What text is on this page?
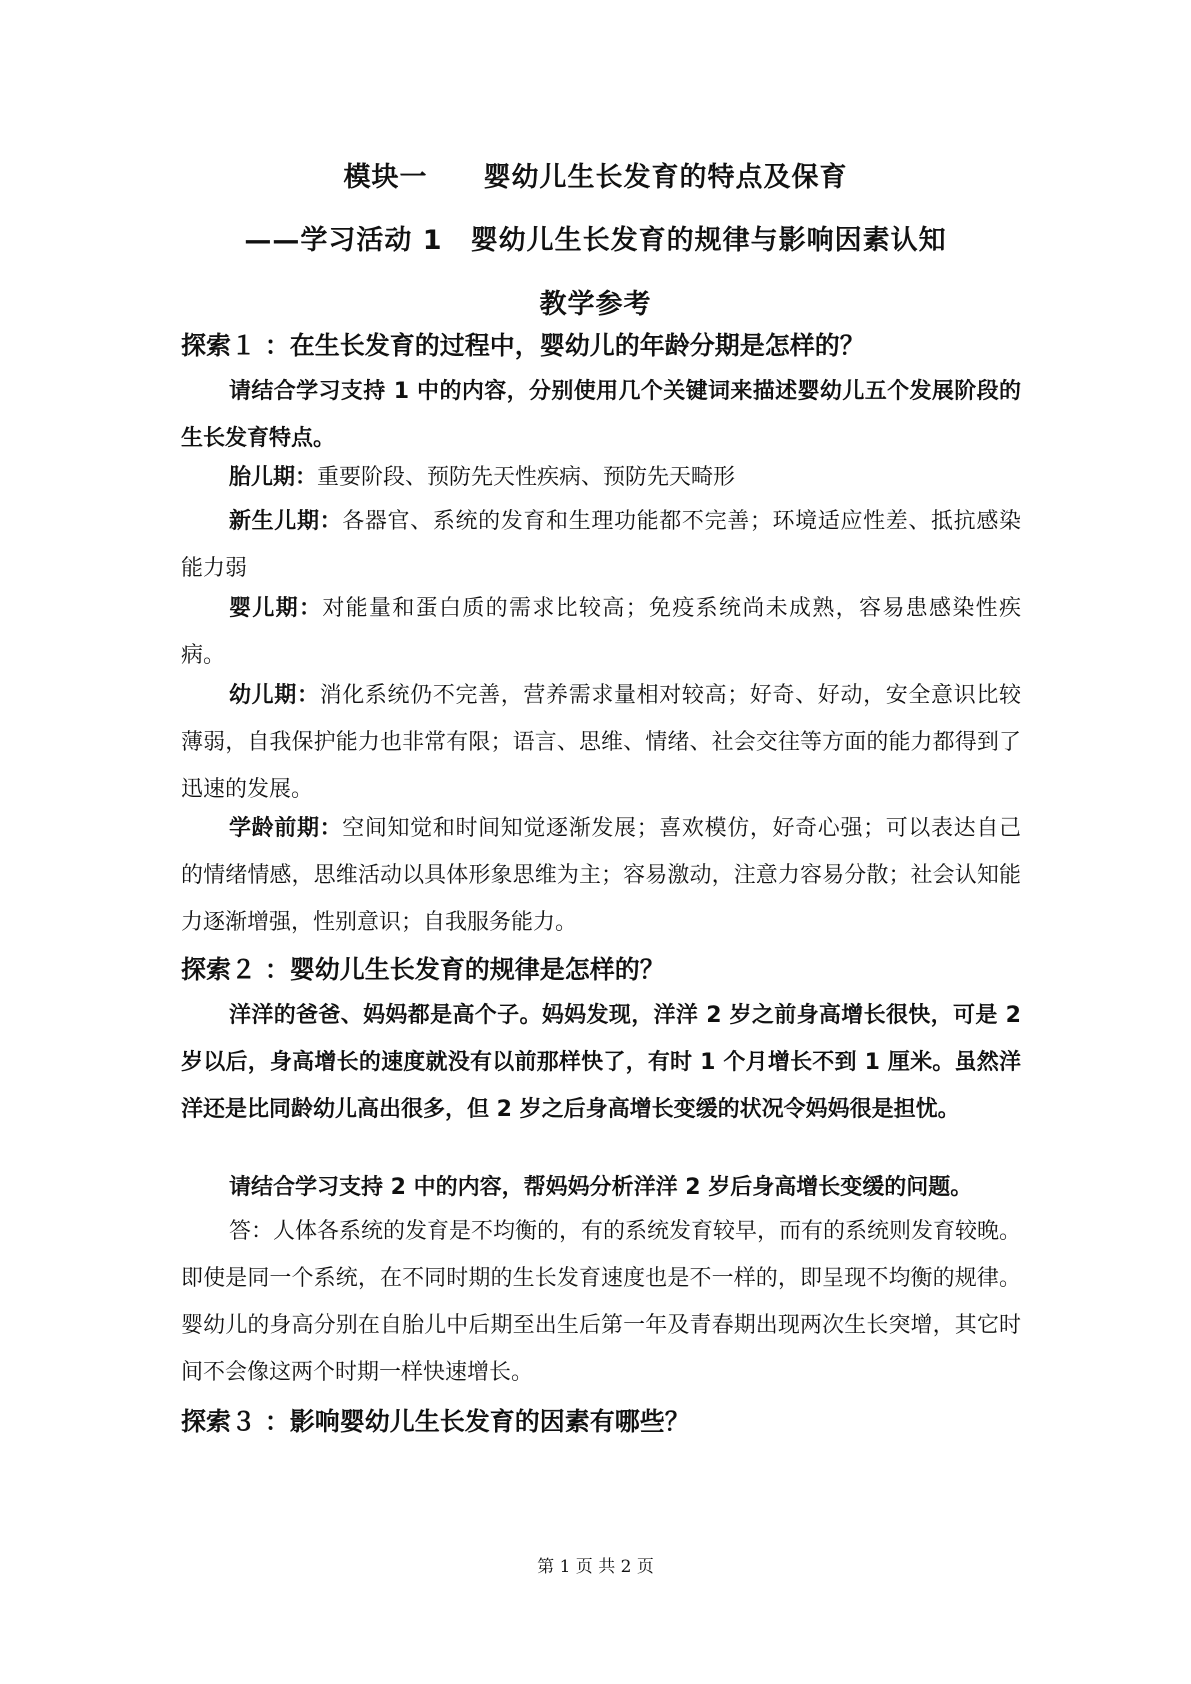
模块一　　婴幼儿生长发育的特点及保育
——学习活动 1　婴幼儿生长发育的规律与影响因素认知
教学参考
探索１ ：在生长发育的过程中，婴幼儿的年龄分期是怎样的？
请结合学习支持 1 中的内容，分别使用几个关键词来描述婴幼儿五个发展阶段的生长发育特点。
胎儿期：重要阶段、预防先天性疾病、预防先天畸形
新生儿期：各器官、系统的发育和生理功能都不完善；环境适应性差、抵抗感染能力弱
婴儿期：对能量和蛋白质的需求比较高；免疫系统尚未成熟，容易患感染性疾病。
幼儿期：消化系统仍不完善，营养需求量相对较高；好奇、好动，安全意识比较薄弱，自我保护能力也非常有限；语言、思维、情绪、社会交往等方面的能力都得到了迅速的发展。
学龄前期：空间知觉和时间知觉逐渐发展；喜欢模仿，好奇心强；可以表达自己的情绪情感，思维活动以具体形象思维为主；容易激动，注意力容易分散；社会认知能力逐渐增强，性别意识；自我服务能力。
探索２ ：婴幼儿生长发育的规律是怎样的？
洋洋的爸爸、妈妈都是高个子。妈妈发现，洋洋 2 岁之前身高增长很快，可是 2 岁以后，身高增长的速度就没有以前那样快了，有时 1 个月增长不到 1 厘米。虽然洋洋还是比同龄幼儿高出很多，但 2 岁之后身高增长变缓的状况令妈妈很是担忧。
请结合学习支持 2 中的内容，帮妈妈分析洋洋 2 岁后身高增长变缓的问题。
答：人体各系统的发育是不均衡的，有的系统发育较早，而有的系统则发育较晚。即使是同一个系统，在不同时期的生长发育速度也是不一样的，即呈现不均衡的规律。婴幼儿的身高分别在自胎儿中后期至出生后第一年及青春期出现两次生长突增，其它时间不会像这两个时期一样快速增长。
探索３ ：影响婴幼儿生长发育的因素有哪些？
第 1 页 共 2 页
